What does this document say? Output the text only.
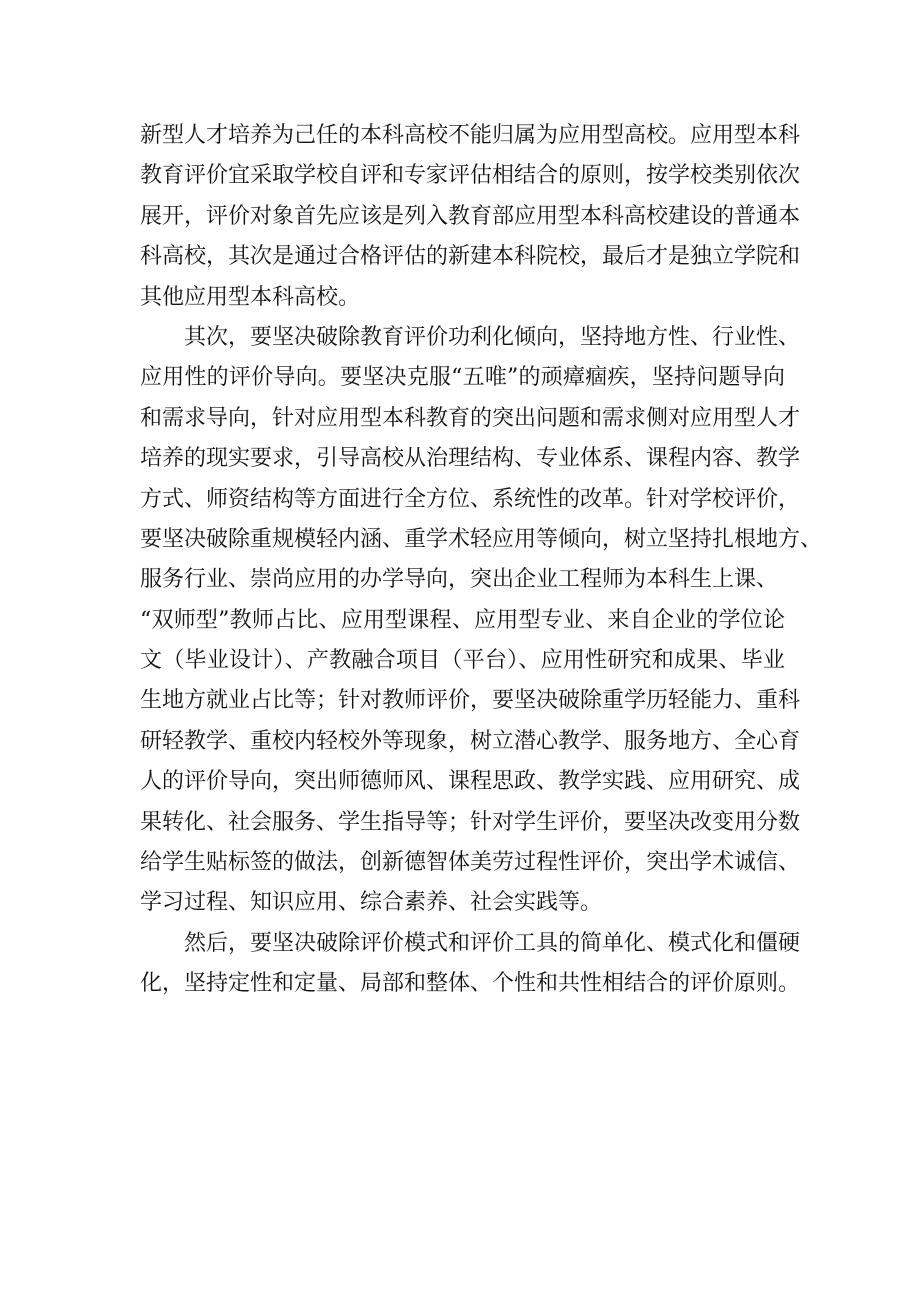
新型人才培养为己任的本科高校不能归属为应用型高校。应用型本科
教育评价宜采取学校自评和专家评估相结合的原则，按学校类别依次
展开，评价对象首先应该是列入教育部应用型本科高校建设的普通本
科高校，其次是通过合格评估的新建本科院校，最后才是独立学院和
其他应用型本科高校。
其次，要坚决破除教育评价功利化倾向，坚持地方性、行业性、
应用性的评价导向。要坚决克服“五唯”的顽瘴痼疾，坚持问题导向
和需求导向，针对应用型本科教育的突出问题和需求侧对应用型人才
培养的现实要求，引导高校从治理结构、专业体系、课程内容、教学
方式、师资结构等方面进行全方位、系统性的改革。针对学校评价，
要坚决破除重规模轻内涵、重学术轻应用等倾向，树立坚持扎根地方、
服务行业、崇尚应用的办学导向，突出企业工程师为本科生上课、
“双师型”教师占比、应用型课程、应用型专业、来自企业的学位论
文（毕业设计）、产教融合项目（平台）、应用性研究和成果、毕业
生地方就业占比等；针对教师评价，要坚决破除重学历轻能力、重科
研轻教学、重校内轻校外等现象，树立潜心教学、服务地方、全心育
人的评价导向，突出师德师风、课程思政、教学实践、应用研究、成
果转化、社会服务、学生指导等；针对学生评价，要坚决改变用分数
给学生贴标签的做法，创新德智体美劳过程性评价，突出学术诚信、
学习过程、知识应用、综合素养、社会实践等。
然后，要坚决破除评价模式和评价工具的简单化、模式化和僵硬
化，坚持定性和定量、局部和整体、个性和共性相结合的评价原则。
